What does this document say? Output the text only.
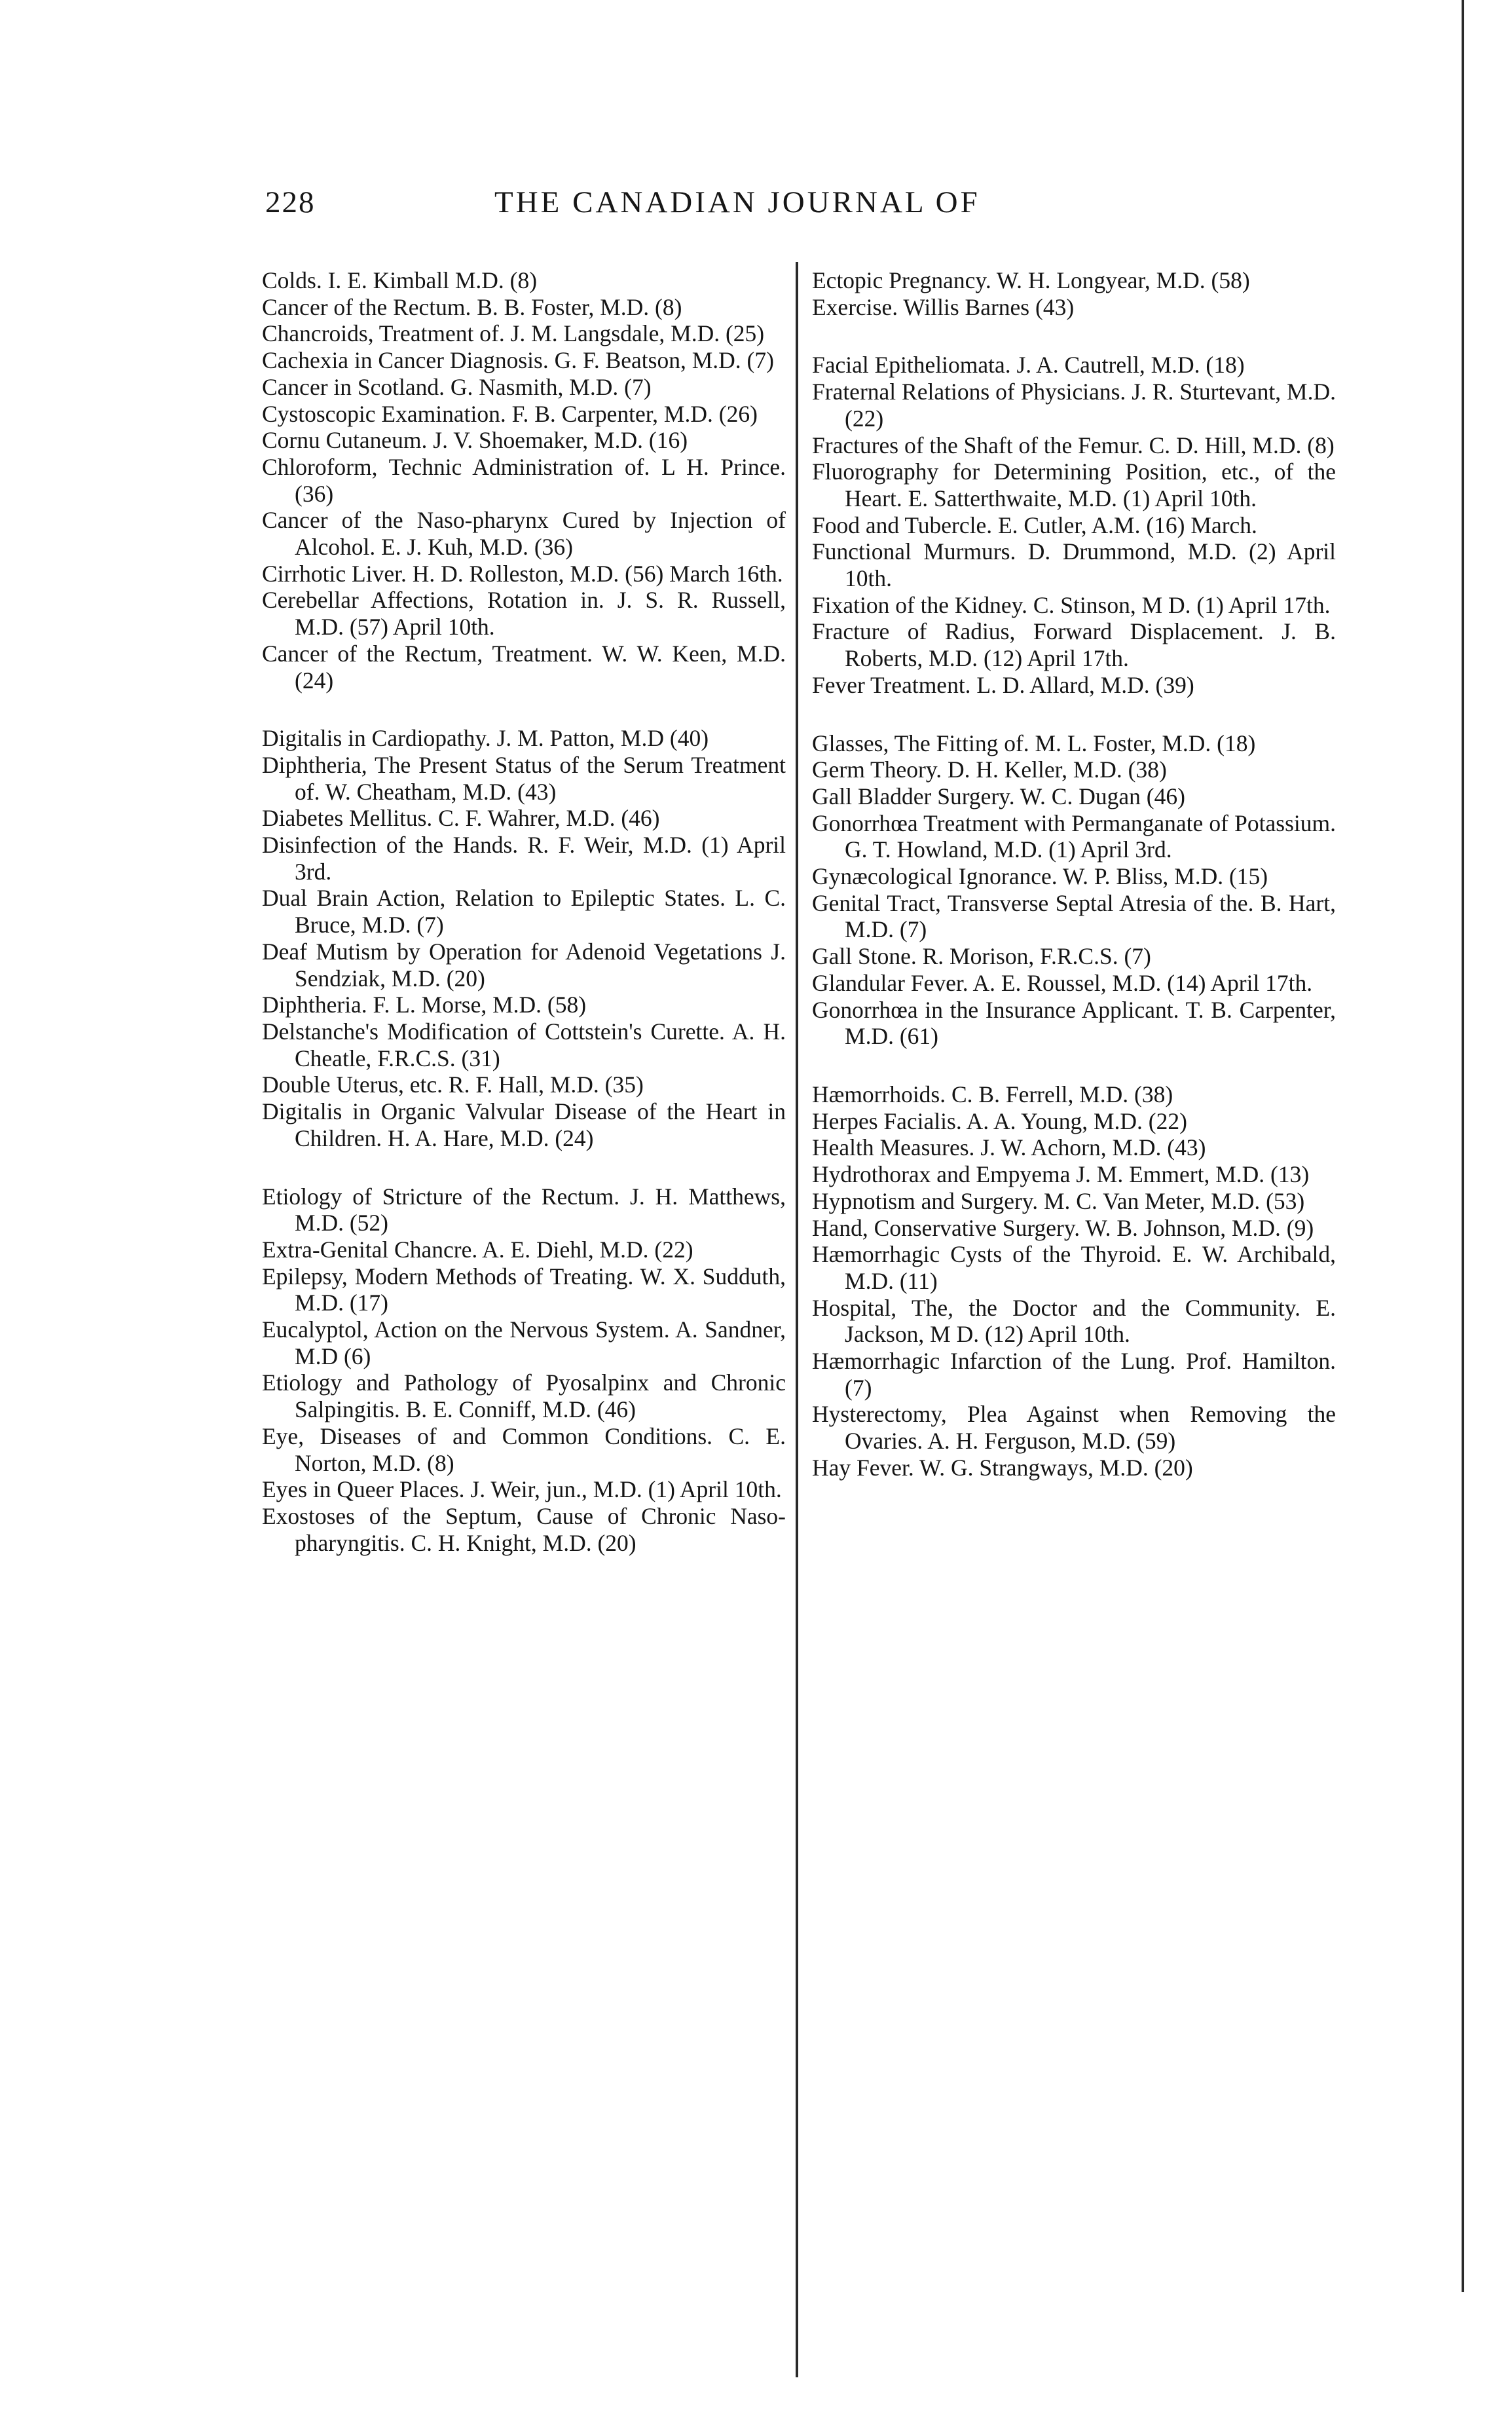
228	THE CANADIAN JOURNAL OF

Colds. I. E. Kimball M.D. (8)

Cancer of the Rectum. B. B. Foster, M.D. (8)

Chancroids, Treatment of. J. M. Langsdale, M.D. (25)

Cachexia in Cancer Diagnosis. G. F. Beatson, M.D. (7)

Cancer in Scotland. G. Nasmith, M.D. (7)

Cystoscopic Examination. F. B. Carpenter, M.D. (26)

Cornu Cutaneum. J. V. Shoemaker, M.D. (16)

Chloroform, Technic Administration of. L H. Prince. (36)

Cancer of the Naso-pharynx Cured by Injection of Alcohol. E. J. Kuh, M.D. (36)

Cirrhotic Liver. H. D. Rolleston, M.D. (56) March 16th.

Cerebellar Affections, Rotation in. J. S. R. Russell, M.D. (57) April 10th.

Cancer of the Rectum, Treatment. W. W. Keen, M.D. (24)

Digitalis in Cardiopathy. J. M. Patton, M.D (40)

Diphtheria, The Present Status of the Serum Treatment of. W. Cheatham, M.D. (43)

Diabetes Mellitus. C. F. Wahrer, M.D. (46)

Disinfection of the Hands. R. F. Weir, M.D. (1) April 3rd.

Dual Brain Action, Relation to Epileptic States. L. C. Bruce, M.D. (7)

Deaf Mutism by Operation for Adenoid Vegetations J. Sendziak, M.D. (20)

Diphtheria. F. L. Morse, M.D. (58)

Delstanche's Modification of Cottstein's Curette. A. H. Cheatle, F.R.C.S. (31)

Double Uterus, etc. R. F. Hall, M.D. (35)

Digitalis in Organic Valvular Disease of the Heart in Children. H. A. Hare, M.D. (24)

Etiology of Stricture of the Rectum. J. H. Matthews, M.D. (52)

Extra-Genital Chancre. A. E. Diehl, M.D. (22)

Epilepsy, Modern Methods of Treating. W. X. Sudduth, M.D. (17)

Eucalyptol, Action on the Nervous System. A. Sandner, M.D (6)

Etiology and Pathology of Pyosalpinx and Chronic Salpingitis. B. E. Conniff, M.D. (46)

Eye, Diseases of and Common Conditions. C. E. Norton, M.D. (8)

Eyes in Queer Places. J. Weir, jun., M.D. (1) April 10th.

Exostoses of the Septum, Cause of Chronic Naso-pharyngitis. C. H. Knight, M.D. (20)

Ectopic Pregnancy. W. H. Longyear, M.D. (58)

Exercise. Willis Barnes (43)

Facial Epitheliomata. J. A. Cautrell, M.D. (18)

Fraternal Relations of Physicians. J. R. Sturtevant, M.D. (22)

Fractures of the Shaft of the Femur. C. D. Hill, M.D. (8)

Fluorography for Determining Position, etc., of the Heart. E. Satterthwaite, M.D. (1) April 10th.

Food and Tubercle. E. Cutler, A.M. (16) March.

Functional Murmurs. D. Drummond, M.D. (2) April 10th.

Fixation of the Kidney. C. Stinson, M D. (1) April 17th.

Fracture of Radius, Forward Displacement. J. B. Roberts, M.D. (12) April 17th.

Fever Treatment. L. D. Allard, M.D. (39)

Glasses, The Fitting of. M. L. Foster, M.D. (18)

Germ Theory. D. H. Keller, M.D. (38)

Gall Bladder Surgery. W. C. Dugan (46)

Gonorrhœa Treatment with Permanganate of Potassium. G. T. Howland, M.D. (1) April 3rd.

Gynæcological Ignorance. W. P. Bliss, M.D. (15)

Genital Tract, Transverse Septal Atresia of the. B. Hart, M.D. (7)

Gall Stone. R. Morison, F.R.C.S. (7)

Glandular Fever. A. E. Roussel, M.D. (14) April 17th.

Gonorrhœa in the Insurance Applicant. T. B. Carpenter, M.D. (61)

Hæmorrhoids. C. B. Ferrell, M.D. (38)

Herpes Facialis. A. A. Young, M.D. (22)

Health Measures. J. W. Achorn, M.D. (43)

Hydrothorax and Empyema J. M. Emmert, M.D. (13)

Hypnotism and Surgery. M. C. Van Meter, M.D. (53)

Hand, Conservative Surgery. W. B. Johnson, M.D. (9)

Hæmorrhagic Cysts of the Thyroid. E. W. Archibald, M.D. (11)

Hospital, The, the Doctor and the Community. E. Jackson, M D. (12) April 10th.

Hæmorrhagic Infarction of the Lung. Prof. Hamilton. (7)

Hysterectomy, Plea Against when Removing the Ovaries. A. H. Ferguson, M.D. (59)

Hay Fever. W. G. Strangways, M.D. (20)
